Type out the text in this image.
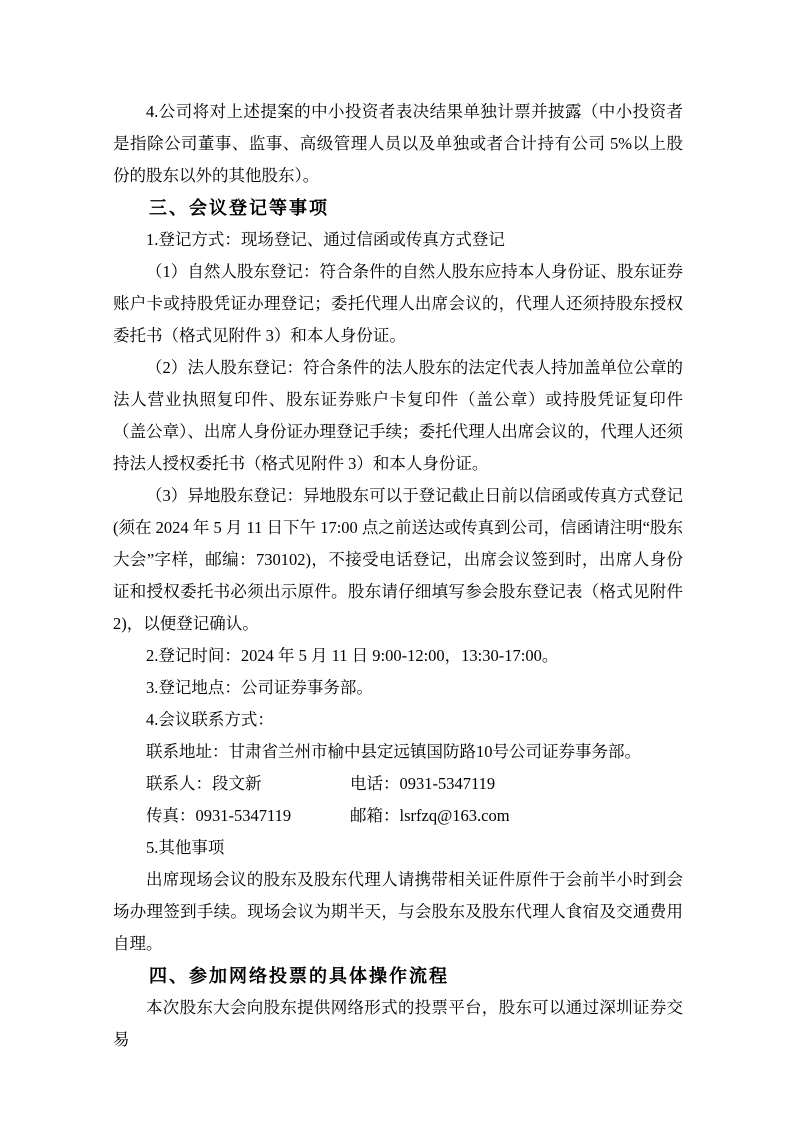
4.公司将对上述提案的中小投资者表决结果单独计票并披露（中小投资者是指除公司董事、监事、高级管理人员以及单独或者合计持有公司 5%以上股份的股东以外的其他股东）。

三、会议登记等事项

1.登记方式：现场登记、通过信函或传真方式登记

（1）自然人股东登记：符合条件的自然人股东应持本人身份证、股东证券账户卡或持股凭证办理登记；委托代理人出席会议的，代理人还须持股东授权委托书（格式见附件 3）和本人身份证。

（2）法人股东登记：符合条件的法人股东的法定代表人持加盖单位公章的法人营业执照复印件、股东证券账户卡复印件（盖公章）或持股凭证复印件（盖公章）、出席人身份证办理登记手续；委托代理人出席会议的，代理人还须持法人授权委托书（格式见附件 3）和本人身份证。

（3）异地股东登记：异地股东可以于登记截止日前以信函或传真方式登记(须在 2024 年 5 月 11 日下午 17:00 点之前送达或传真到公司，信函请注明“股东大会”字样，邮编：730102)，不接受电话登记，出席会议签到时，出席人身份证和授权委托书必须出示原件。股东请仔细填写参会股东登记表（格式见附件 2)，以便登记确认。

2.登记时间：2024 年 5 月 11 日 9:00-12:00，13:30-17:00。

3.登记地点：公司证券事务部。

4.会议联系方式：

联系地址：甘肃省兰州市榆中县定远镇国防路10号公司证券事务部。

联系人：段文新	电话：0931-5347119

传真：0931-5347119	邮箱：lsrfzq@163.com

5.其他事项

出席现场会议的股东及股东代理人请携带相关证件原件于会前半小时到会场办理签到手续。现场会议为期半天，与会股东及股东代理人食宿及交通费用自理。

四、参加网络投票的具体操作流程

本次股东大会向股东提供网络形式的投票平台，股东可以通过深圳证券交易
